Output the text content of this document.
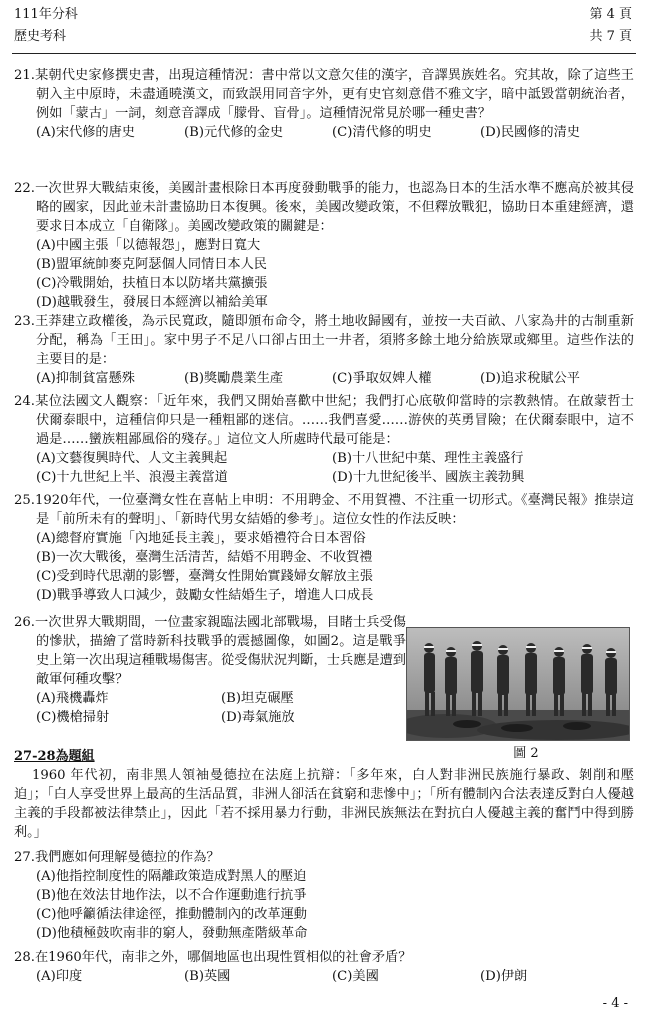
111年分科	第 4 頁
歷史考科	共 7 頁
21.某朝代史家修撰史書，出現這種情況：書中常以文意欠佳的漢字，音譯異族姓名。究其故，除了這些王朝入主中原時，未盡通曉漢文，而致誤用同音字外，更有史官刻意借不雅文字，暗中詆毀當朝統治者，例如「蒙古」一詞，刻意音譯成「朦骨、盲骨」。這種情況常見於哪一種史書？
(A)宋代修的唐史	(B)元代修的金史	(C)清代修的明史	(D)民國修的清史
22.一次世界大戰結束後，美國計畫根除日本再度發動戰爭的能力，也認為日本的生活水準不應高於被其侵略的國家，因此並未計畫協助日本復興。後來，美國改變政策，不但釋放戰犯，協助日本重建經濟，還要求日本成立「自衛隊」。美國改變政策的關鍵是：
(A)中國主張「以德報怨」，應對日寬大
(B)盟軍統帥麥克阿瑟個人同情日本人民
(C)冷戰開始，扶植日本以防堵共黨擴張
(D)越戰發生，發展日本經濟以補給美軍
23.王莽建立政權後，為示民寬政，隨即頒布命令，將土地收歸國有，並按一夫百畝、八家為井的古制重新分配，稱為「王田」。家中男子不足八口卻占田土一井者，須將多餘土地分給族眾或鄉里。這些作法的主要目的是：
(A)抑制貧富懸殊	(B)獎勵農業生產	(C)爭取奴婢人權	(D)追求稅賦公平
24.某位法國文人觀察：「近年來，我們又開始喜歡中世紀；我們打心底敬仰當時的宗教熱情。在啟蒙哲士伏爾泰眼中，這種信仰只是一種粗鄙的迷信。……我們喜愛……游俠的英勇冒險；在伏爾泰眼中，這不過是……蠻族粗鄙風俗的殘存。」這位文人所處時代最可能是：
(A)文藝復興時代、人文主義興起	(B)十八世紀中葉、理性主義盛行
(C)十九世紀上半、浪漫主義當道	(D)十九世紀後半、國族主義勃興
25.1920年代，一位臺灣女性在喜帖上申明：不用聘金、不用賀禮、不注重一切形式。《臺灣民報》推崇這是「前所未有的聲明」、「新時代男女結婚的參考」。這位女性的作法反映：
(A)總督府實施「內地延長主義」，要求婚禮符合日本習俗
(B)一次大戰後，臺灣生活清苦，結婚不用聘金、不收賀禮
(C)受到時代思潮的影響，臺灣女性開始實踐婦女解放主張
(D)戰爭導致人口減少，鼓勵女性結婚生子，增進人口成長
26.一次世界大戰期間，一位畫家親臨法國北部戰場，目睹士兵受傷的慘狀，描繪了當時新科技戰爭的震撼圖像，如圖2。這是戰爭史上第一次出現這種戰場傷害。從受傷狀況判斷，士兵應是遭到敵軍何種攻擊？
(A)飛機轟炸	(B)坦克碾壓
(C)機槍掃射	(D)毒氣施放
圖 2
27-28為題組
1960 年代初，南非黑人領袖曼德拉在法庭上抗辯：「多年來，白人對非洲民族施行暴政、剝削和壓迫」；「白人享受世界上最高的生活品質，非洲人卻活在貧窮和悲慘中」；「所有體制內合法表達反對白人優越主義的手段都被法律禁止」，因此「若不採用暴力行動，非洲民族無法在對抗白人優越主義的奮鬥中得到勝利。」
27.我們應如何理解曼德拉的作為？
(A)他指控制度性的隔離政策造成對黑人的壓迫
(B)他在效法甘地作法，以不合作運動進行抗爭
(C)他呼籲循法律途徑，推動體制內的改革運動
(D)他積極鼓吹南非的窮人，發動無產階級革命
28.在1960年代，南非之外，哪個地區也出現性質相似的社會矛盾？
(A)印度	(B)英國	(C)美國	(D)伊朗
- 4 -
